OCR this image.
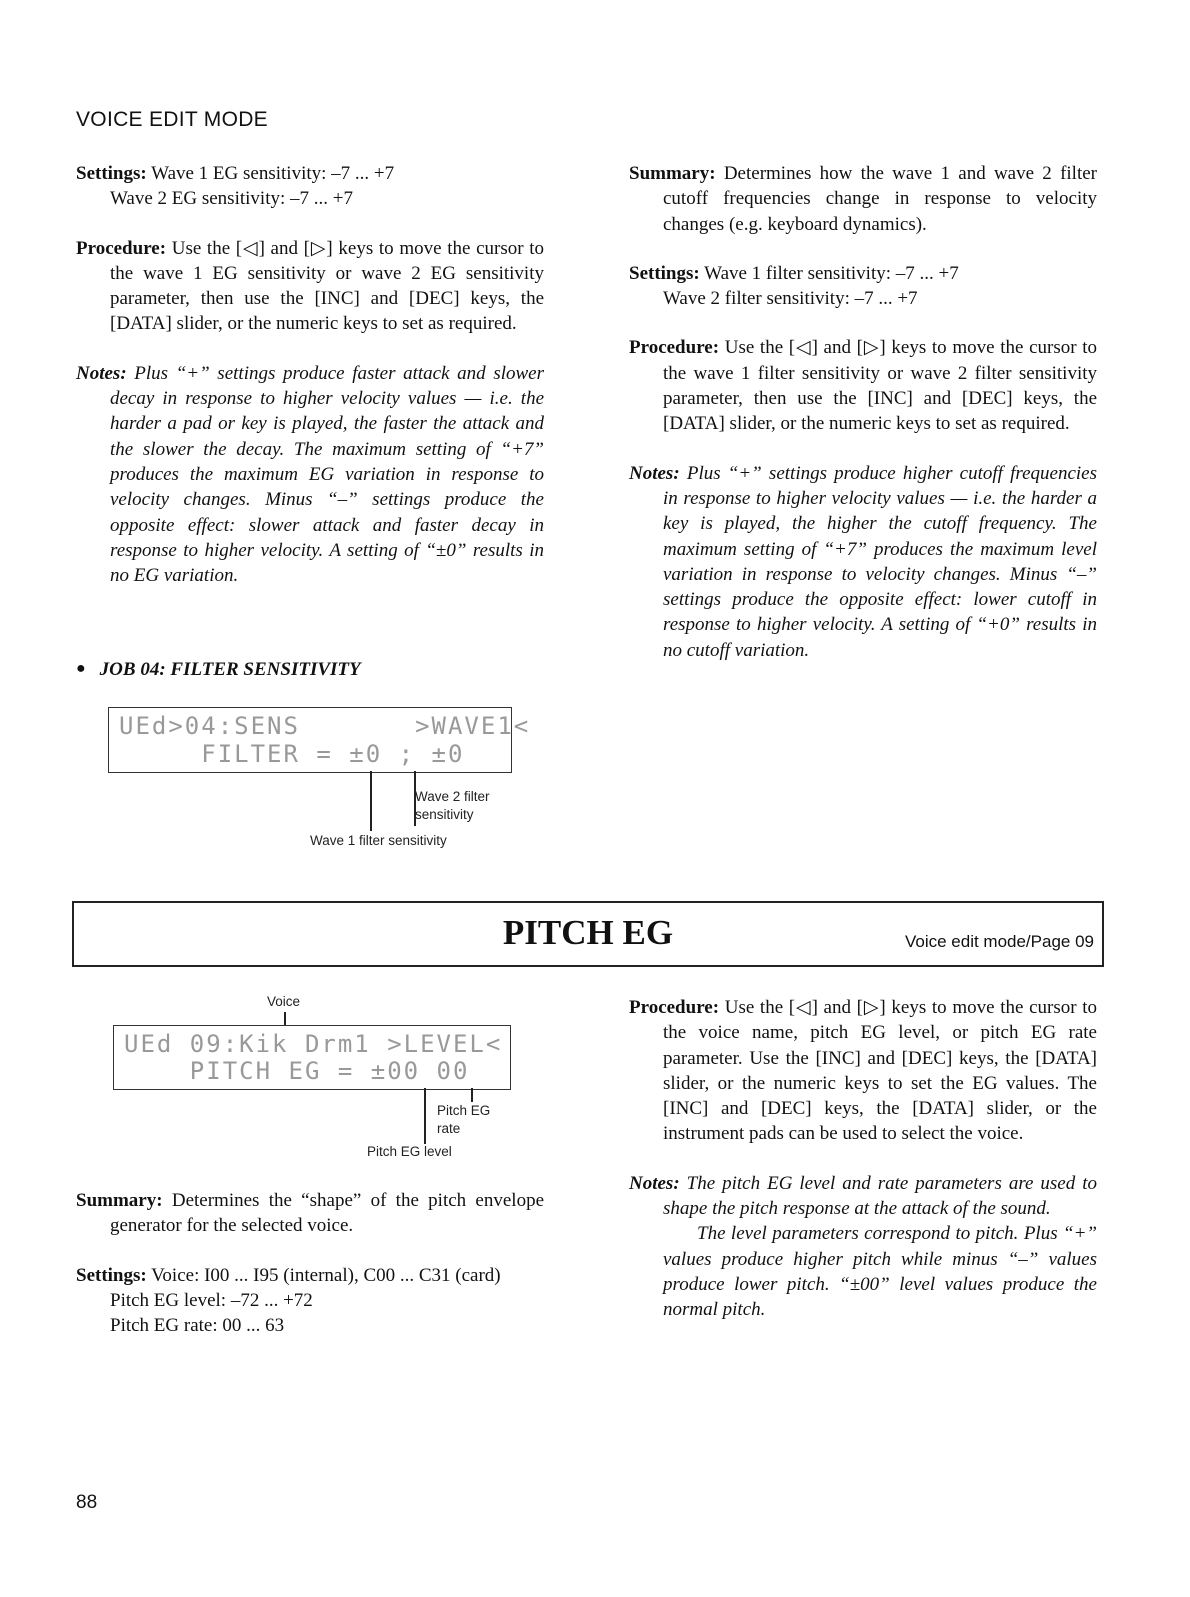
VOICE EDIT MODE
Settings: Wave 1 EG sensitivity: –7 ... +7
Wave 2 EG sensitivity: –7 ... +7
Procedure: Use the [◁] and [▷] keys to move the cursor to the wave 1 EG sensitivity or wave 2 EG sensitivity parameter, then use the [INC] and [DEC] keys, the [DATA] slider, or the numeric keys to set as required.
Notes: Plus “+” settings produce faster attack and slower decay in response to higher velocity values — i.e. the harder a pad or key is played, the faster the attack and the slower the decay. The maximum setting of “+7” produces the maximum EG variation in response to velocity changes. Minus “–” settings produce the opposite effect: slower attack and faster decay in response to higher velocity. A setting of “±0” results in no EG variation.
● JOB 04: FILTER SENSITIVITY
UEd>04:SENS       >WAVE1<
FILTER = ±0 ; ±0
Wave 2 filter
sensitivity
Wave 1 filter sensitivity
Summary: Determines how the wave 1 and wave 2 filter cutoff frequencies change in response to velocity changes (e.g. keyboard dynamics).
Settings: Wave 1 filter sensitivity: –7 ... +7
Wave 2 filter sensitivity: –7 ... +7
Procedure: Use the [◁] and [▷] keys to move the cursor to the wave 1 filter sensitivity or wave 2 filter sensitivity parameter, then use the [INC] and [DEC] keys, the [DATA] slider, or the numeric keys to set as required.
Notes: Plus “+” settings produce higher cutoff frequencies in response to higher velocity values — i.e. the harder a key is played, the higher the cutoff frequency. The maximum setting of “+7” produces the maximum level variation in response to velocity changes. Minus “–” settings produce the opposite effect: lower cutoff in response to higher velocity. A setting of “+0” results in no cutoff variation.
PITCH EG	Voice edit mode/Page 09
Voice
UEd 09:Kik Drm1 >LEVEL<
PITCH EG = ±00 00
Pitch EG
rate
Pitch EG level
Summary: Determines the “shape” of the pitch envelope generator for the selected voice.
Settings: Voice: I00 ... I95 (internal), C00 ... C31 (card)
Pitch EG level: –72 ... +72
Pitch EG rate: 00 ... 63
Procedure: Use the [◁] and [▷] keys to move the cursor to the voice name, pitch EG level, or pitch EG rate parameter. Use the [INC] and [DEC] keys, the [DATA] slider, or the numeric keys to set the EG values. The [INC] and [DEC] keys, the [DATA] slider, or the instrument pads can be used to select the voice.
Notes: The pitch EG level and rate parameters are used to shape the pitch response at the attack of the sound.
The level parameters correspond to pitch. Plus “+” values produce higher pitch while minus “–” values produce lower pitch. “±00” level values produce the normal pitch.
88
